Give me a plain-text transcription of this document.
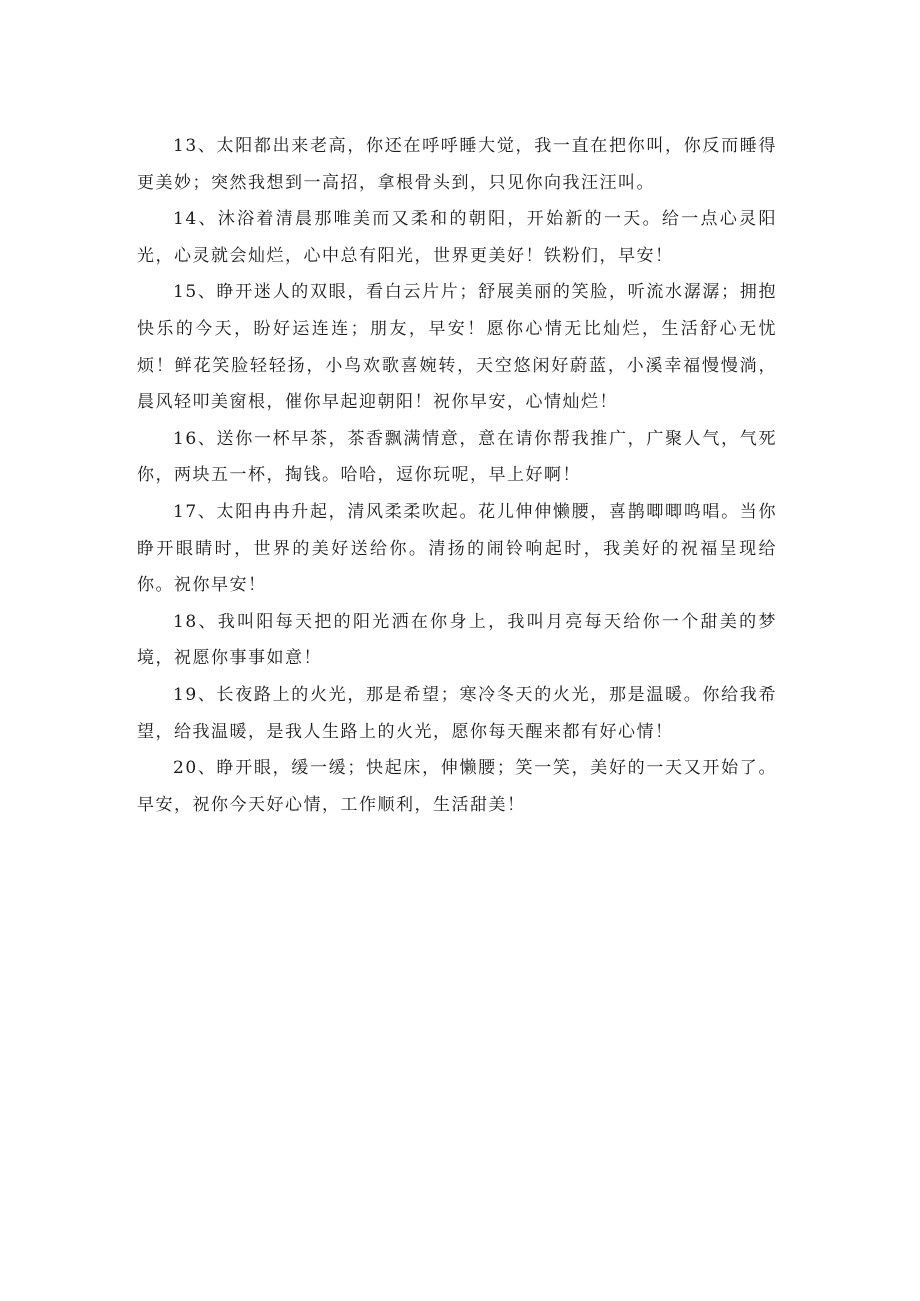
13、太阳都出来老高，你还在呼呼睡大觉，我一直在把你叫，你反而睡得更美妙；突然我想到一高招，拿根骨头到，只见你向我汪汪叫。

14、沐浴着清晨那唯美而又柔和的朝阳，开始新的一天。给一点心灵阳光，心灵就会灿烂，心中总有阳光，世界更美好！铁粉们，早安！

15、睁开迷人的双眼，看白云片片；舒展美丽的笑脸，听流水潺潺；拥抱快乐的今天，盼好运连连；朋友，早安！愿你心情无比灿烂，生活舒心无忧烦！鲜花笑脸轻轻扬，小鸟欢歌喜婉转，天空悠闲好蔚蓝，小溪幸福慢慢淌，晨风轻叩美窗根，催你早起迎朝阳！祝你早安，心情灿烂！

16、送你一杯早茶，茶香飘满情意，意在请你帮我推广，广聚人气，气死你，两块五一杯，掏钱。哈哈，逗你玩呢，早上好啊！

17、太阳冉冉升起，清风柔柔吹起。花儿伸伸懒腰，喜鹊唧唧鸣唱。当你睁开眼睛时，世界的美好送给你。清扬的闹铃响起时，我美好的祝福呈现给你。祝你早安！

18、我叫阳每天把的阳光洒在你身上，我叫月亮每天给你一个甜美的梦境，祝愿你事事如意！

19、长夜路上的火光，那是希望；寒冷冬天的火光，那是温暖。你给我希望，给我温暖，是我人生路上的火光，愿你每天醒来都有好心情！

20、睁开眼，缓一缓；快起床，伸懒腰；笑一笑，美好的一天又开始了。早安，祝你今天好心情，工作顺利，生活甜美！
